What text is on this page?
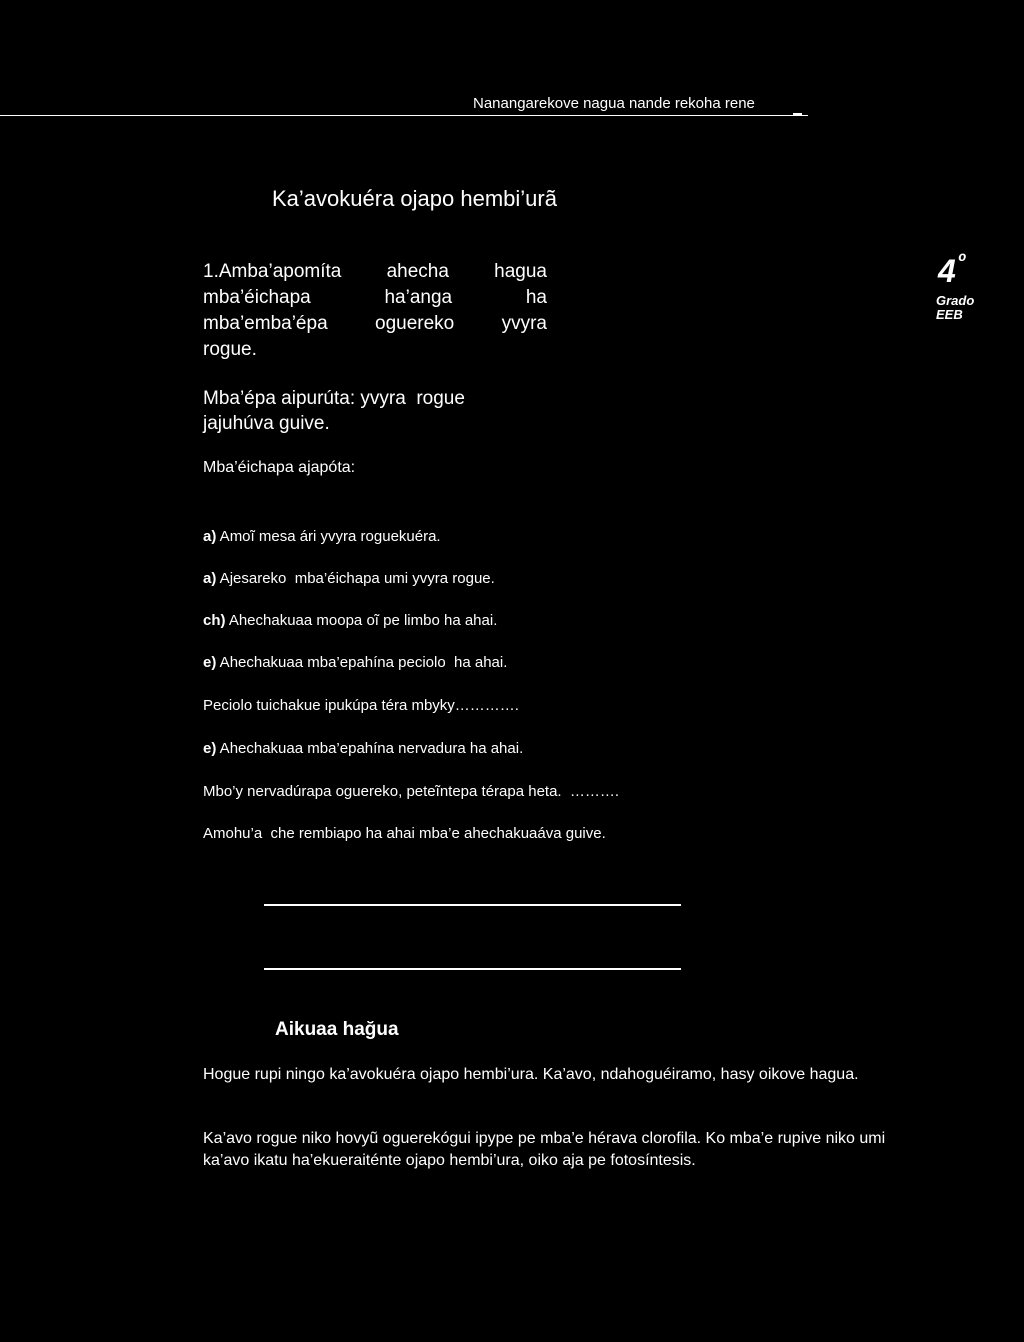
Nanangarekove nagua nande rekoha rene
Ka’avokuéra ojapo hembi’urã
4 $^º$
Grado
EEB
1.Amba’apomíta ahecha hagua
mba’éichapa	ha’anga	ha
mba’emba’épa oguereko yvyra
rogue.
Mba’épa aipurúta: yvyra  rogue
jajuhúva guive.
Mba’éichapa ajapóta:
a) Amoĩ mesa ári yvyra roguekuéra.
a) Ajesareko  mba’éichapa umi yvyra rogue.
ch) Ahechakuaa moopa oĩ pe limbo ha ahai.
e) Ahechakuaa mba’epahína peciolo  ha ahai.
Peciolo tuichakue ipukúpa téra mbyky………….
e) Ahechakuaa mba’epahína nervadura ha ahai.
Mbo’y nervadúrapa oguereko, peteĩntepa térapa heta.  ……….
Amohu’a  che rembiapo ha ahai mba’e ahechakuaáva guive.
Aikuaa hağua

Hogue rupi ningo ka’avokuéra ojapo hembi’ura. Ka’avo, ndahoguéiramo, hasy oikove hagua.

Ka’avo rogue niko hovyũ oguerekógui ipype pe mba’e hérava clorofila. Ko mba’e rupive niko umi ka’avo ikatu ha’ekueraiténte ojapo hembi’ura, oiko aja pe fotosíntesis.
